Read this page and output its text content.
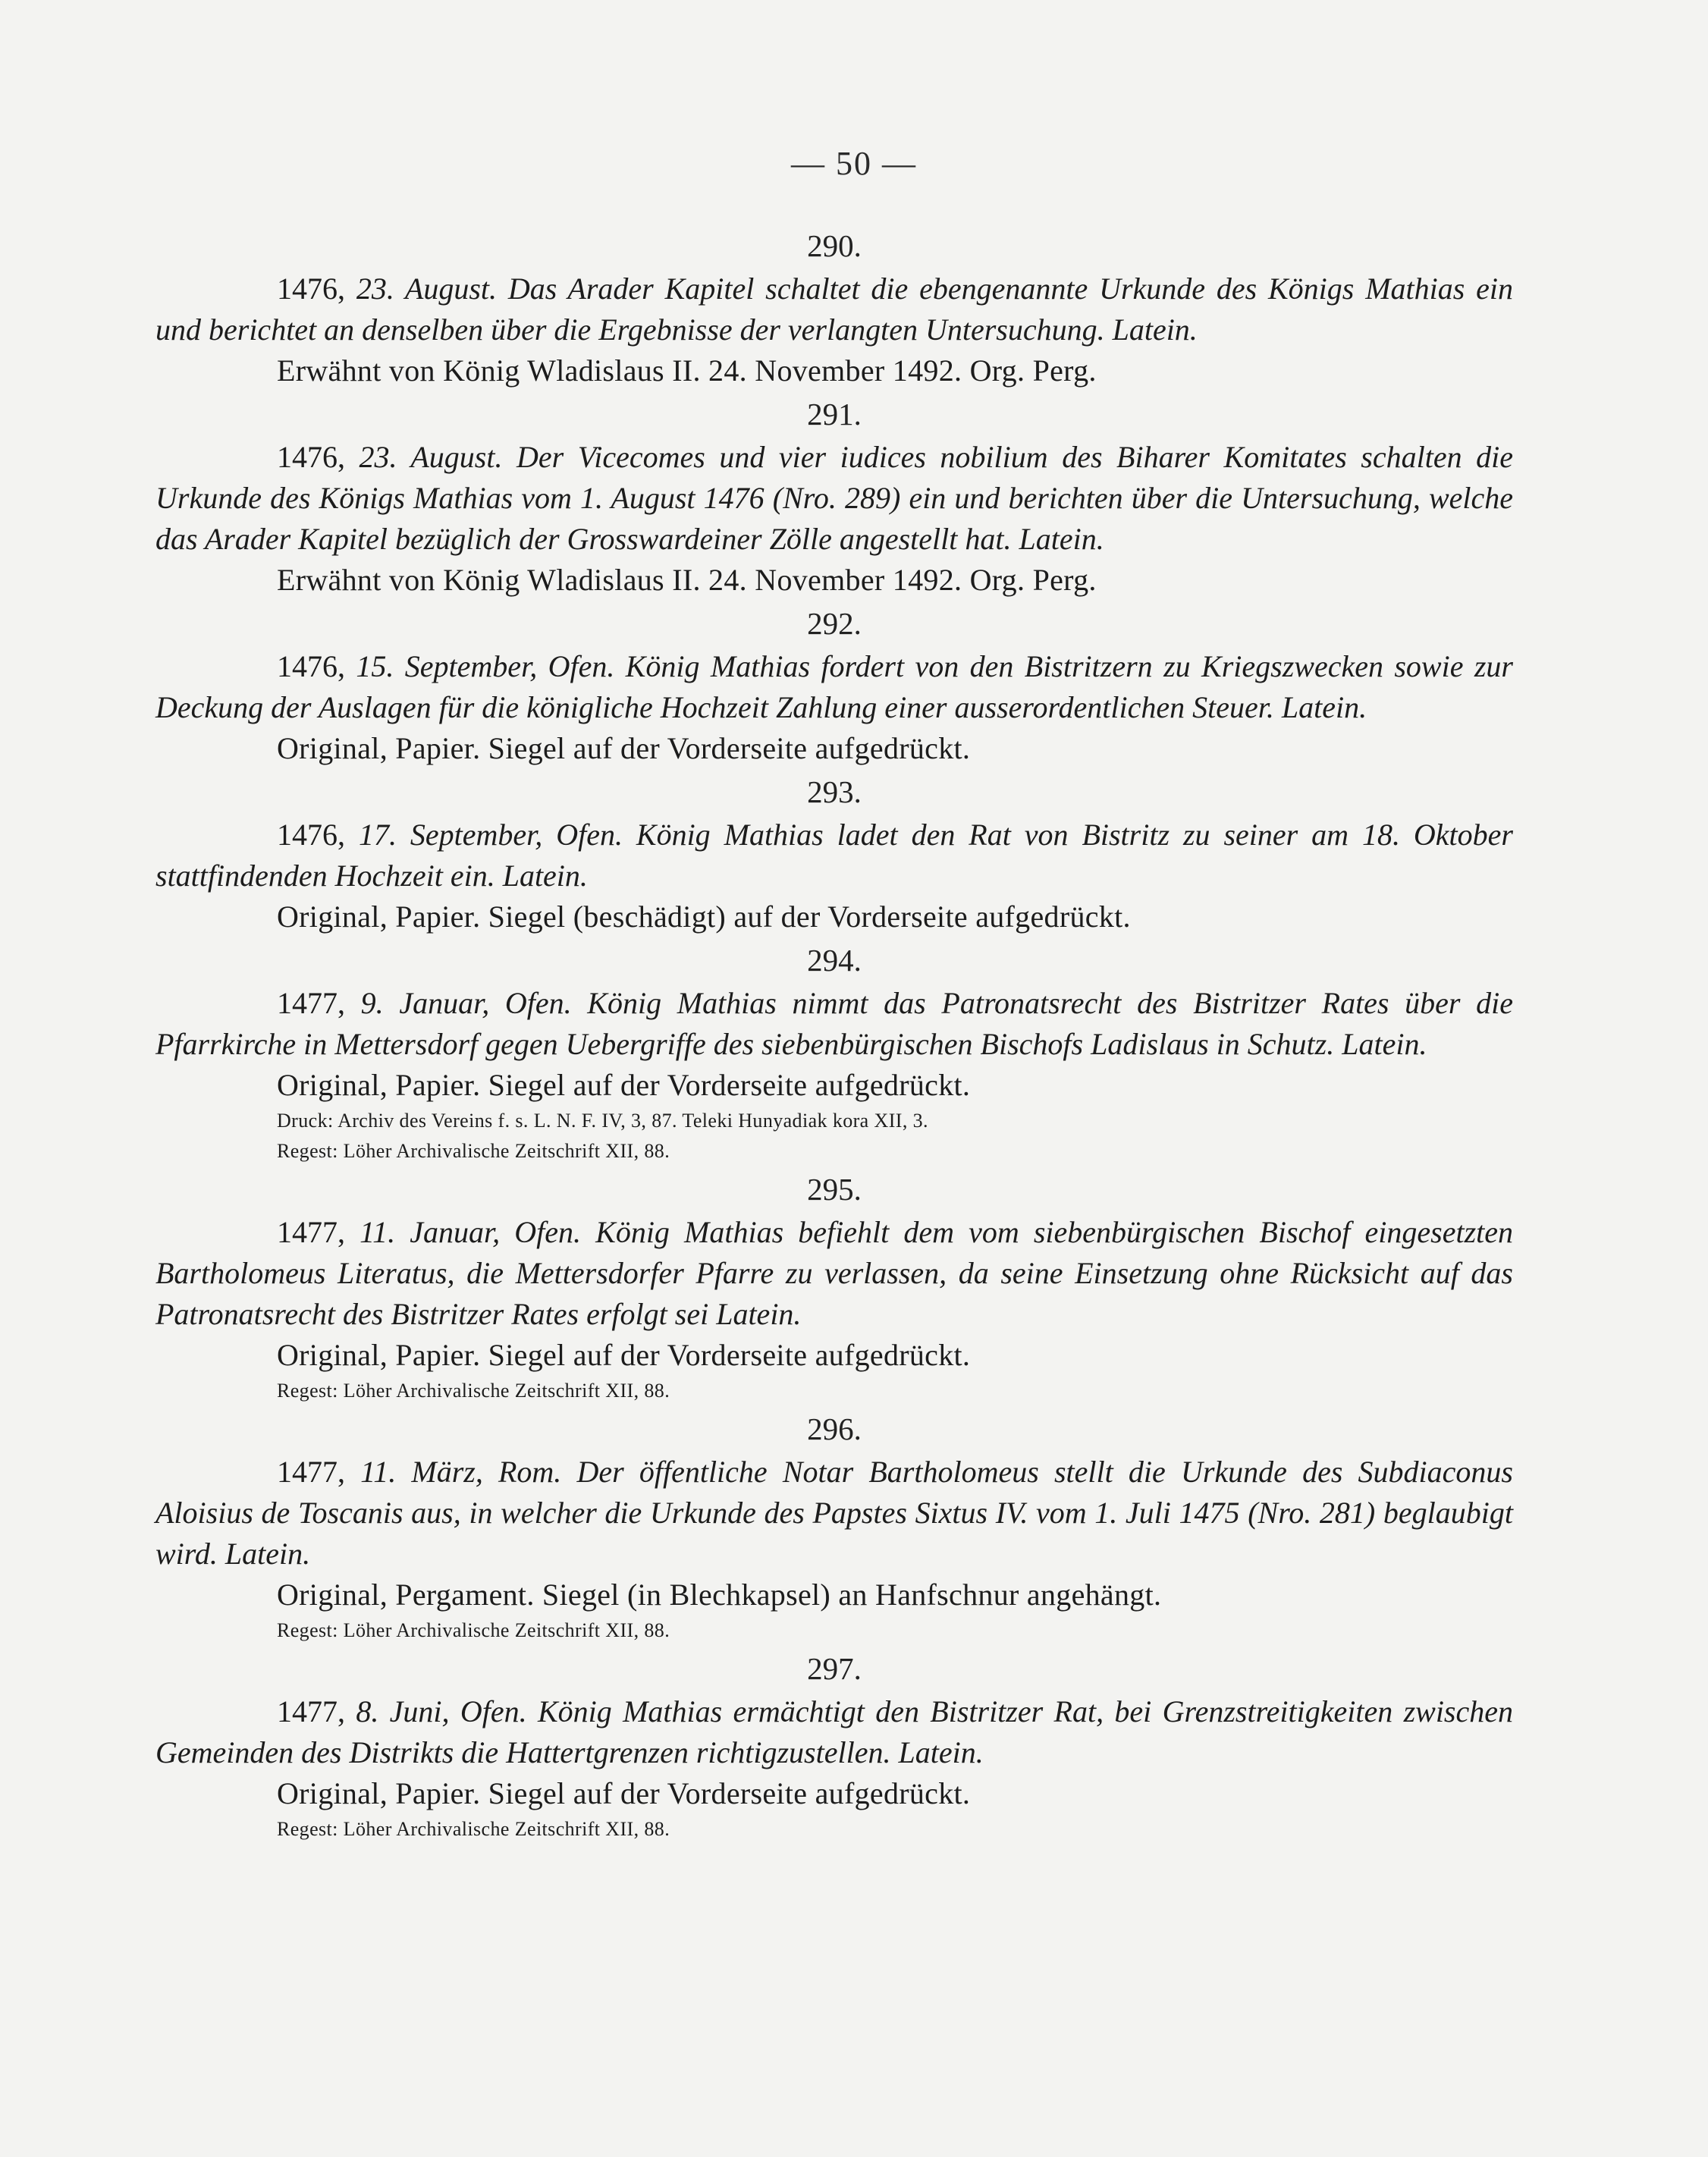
— 50 —
290.

1476, 23. August. Das Arader Kapitel schaltet die ebengenannte Urkunde des Königs Mathias ein und berichtet an denselben über die Ergebnisse der verlangten Untersuchung. Latein.

Erwähnt von König Wladislaus II. 24. November 1492. Org. Perg.

291.

1476, 23. August. Der Vicecomes und vier iudices nobilium des Biharer Komitates schalten die Urkunde des Königs Mathias vom 1. August 1476 (Nro. 289) ein und berichten über die Untersuchung, welche das Arader Kapitel bezüglich der Grosswardeiner Zölle angestellt hat. Latein.

Erwähnt von König Wladislaus II. 24. November 1492. Org. Perg.

292.

1476, 15. September, Ofen. König Mathias fordert von den Bistritzern zu Kriegszwecken sowie zur Deckung der Auslagen für die königliche Hochzeit Zahlung einer ausserordentlichen Steuer. Latein.

Original, Papier. Siegel auf der Vorderseite aufgedrückt.

293.

1476, 17. September, Ofen. König Mathias ladet den Rat von Bistritz zu seiner am 18. Oktober stattfindenden Hochzeit ein. Latein.

Original, Papier. Siegel (beschädigt) auf der Vorderseite aufgedrückt.

294.

1477, 9. Januar, Ofen. König Mathias nimmt das Patronatsrecht des Bistritzer Rates über die Pfarrkirche in Mettersdorf gegen Uebergriffe des siebenbürgischen Bischofs Ladislaus in Schutz. Latein.

Original, Papier. Siegel auf der Vorderseite aufgedrückt.

Druck: Archiv des Vereins f. s. L. N. F. IV, 3, 87. Teleki Hunyadiak kora XII, 3.

Regest: Löher Archivalische Zeitschrift XII, 88.

295.

1477, 11. Januar, Ofen. König Mathias befiehlt dem vom siebenbürgischen Bischof eingesetzten Bartholomeus Literatus, die Mettersdorfer Pfarre zu verlassen, da seine Einsetzung ohne Rücksicht auf das Patronatsrecht des Bistritzer Rates erfolgt sei Latein.

Original, Papier. Siegel auf der Vorderseite aufgedrückt.

Regest: Löher Archivalische Zeitschrift XII, 88.

296.

1477, 11. März, Rom. Der öffentliche Notar Bartholomeus stellt die Urkunde des Subdiaconus Aloisius de Toscanis aus, in welcher die Urkunde des Papstes Sixtus IV. vom 1. Juli 1475 (Nro. 281) beglaubigt wird. Latein.

Original, Pergament. Siegel (in Blechkapsel) an Hanfschnur angehängt.

Regest: Löher Archivalische Zeitschrift XII, 88.

297.

1477, 8. Juni, Ofen. König Mathias ermächtigt den Bistritzer Rat, bei Grenzstreitigkeiten zwischen Gemeinden des Distrikts die Hattertgrenzen richtigzustellen. Latein.

Original, Papier. Siegel auf der Vorderseite aufgedrückt.

Regest: Löher Archivalische Zeitschrift XII, 88.
